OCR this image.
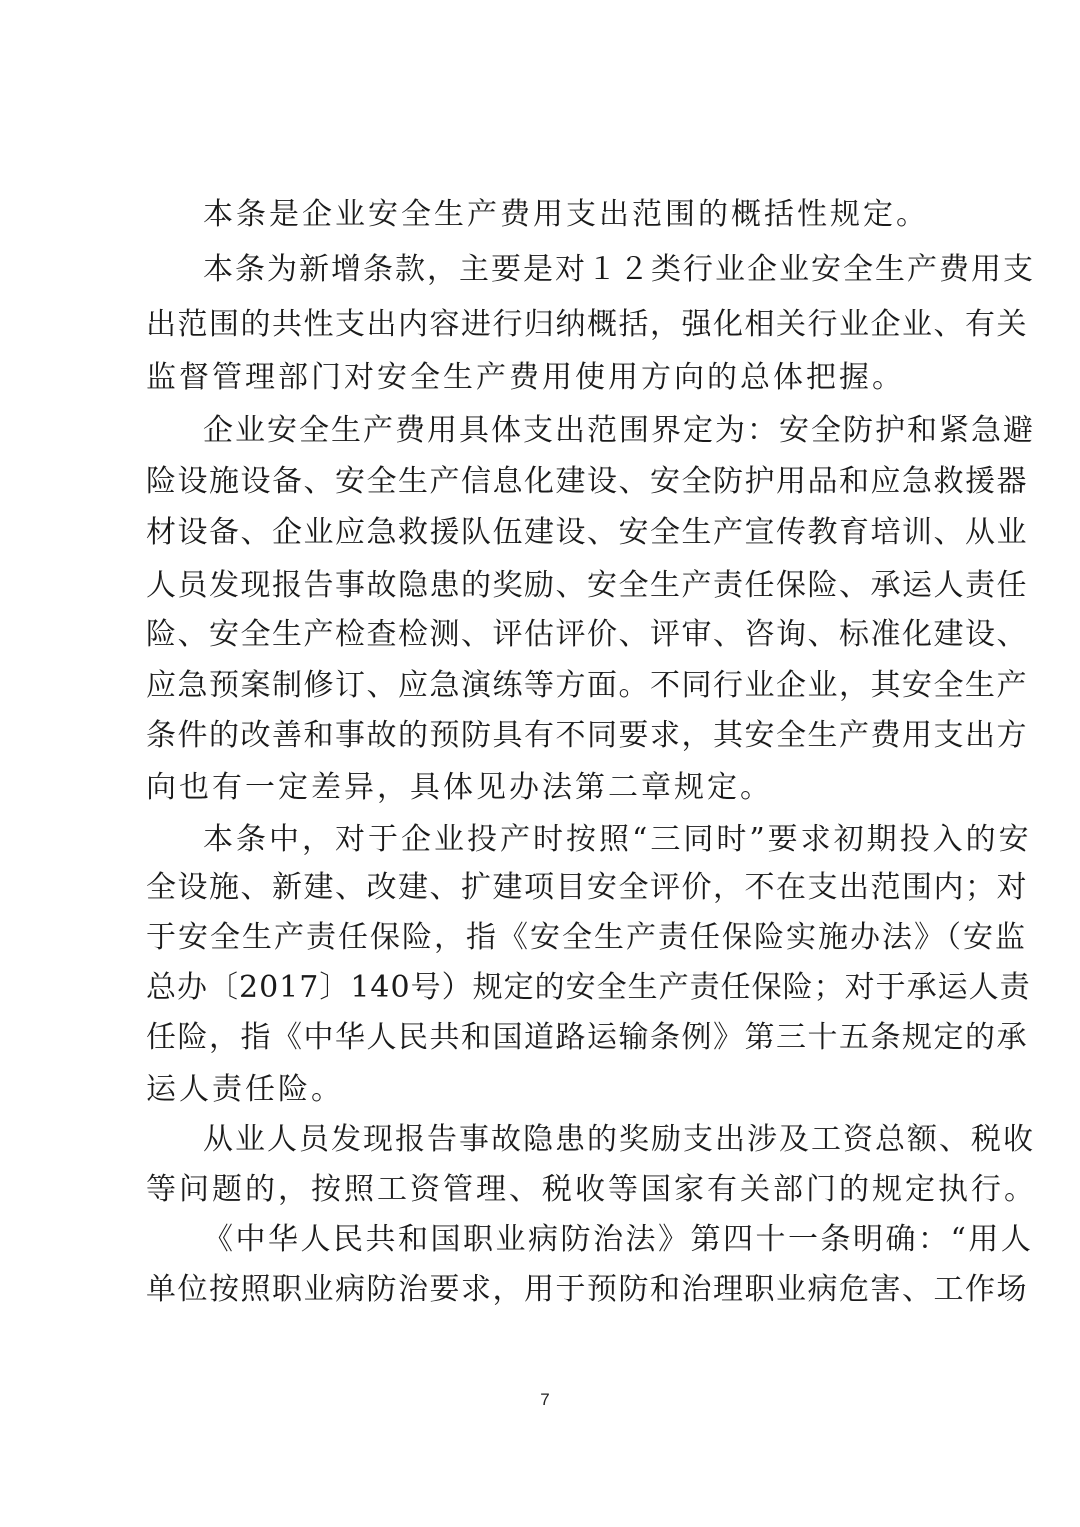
本条是企业安全生产费用支出范围的概括性规定。
本条为新增条款，主要是对１２类行业企业安全生产费用支
出范围的共性支出内容进行归纳概括，强化相关行业企业、有关
监督管理部门对安全生产费用使用方向的总体把握。
企业安全生产费用具体支出范围界定为：安全防护和紧急避
险设施设备、安全生产信息化建设、安全防护用品和应急救援器
材设备、企业应急救援队伍建设、安全生产宣传教育培训、从业
人员发现报告事故隐患的奖励、安全生产责任保险、承运人责任
险、安全生产检查检测、评估评价、评审、咨询、标准化建设、
应急预案制修订、应急演练等方面。不同行业企业，其安全生产
条件的改善和事故的预防具有不同要求，其安全生产费用支出方
向也有一定差异，具体见办法第二章规定。
本条中，对于企业投产时按照“三同时”要求初期投入的安
全设施、新建、改建、扩建项目安全评价，不在支出范围内；对
于安全生产责任保险，指《安全生产责任保险实施办法》（安监
总办〔2017〕140号）规定的安全生产责任保险；对于承运人责
任险，指《中华人民共和国道路运输条例》第三十五条规定的承
运人责任险。
从业人员发现报告事故隐患的奖励支出涉及工资总额、税收
等问题的，按照工资管理、税收等国家有关部门的规定执行。
《中华人民共和国职业病防治法》第四十一条明确：“用人
单位按照职业病防治要求，用于预防和治理职业病危害、工作场
7
